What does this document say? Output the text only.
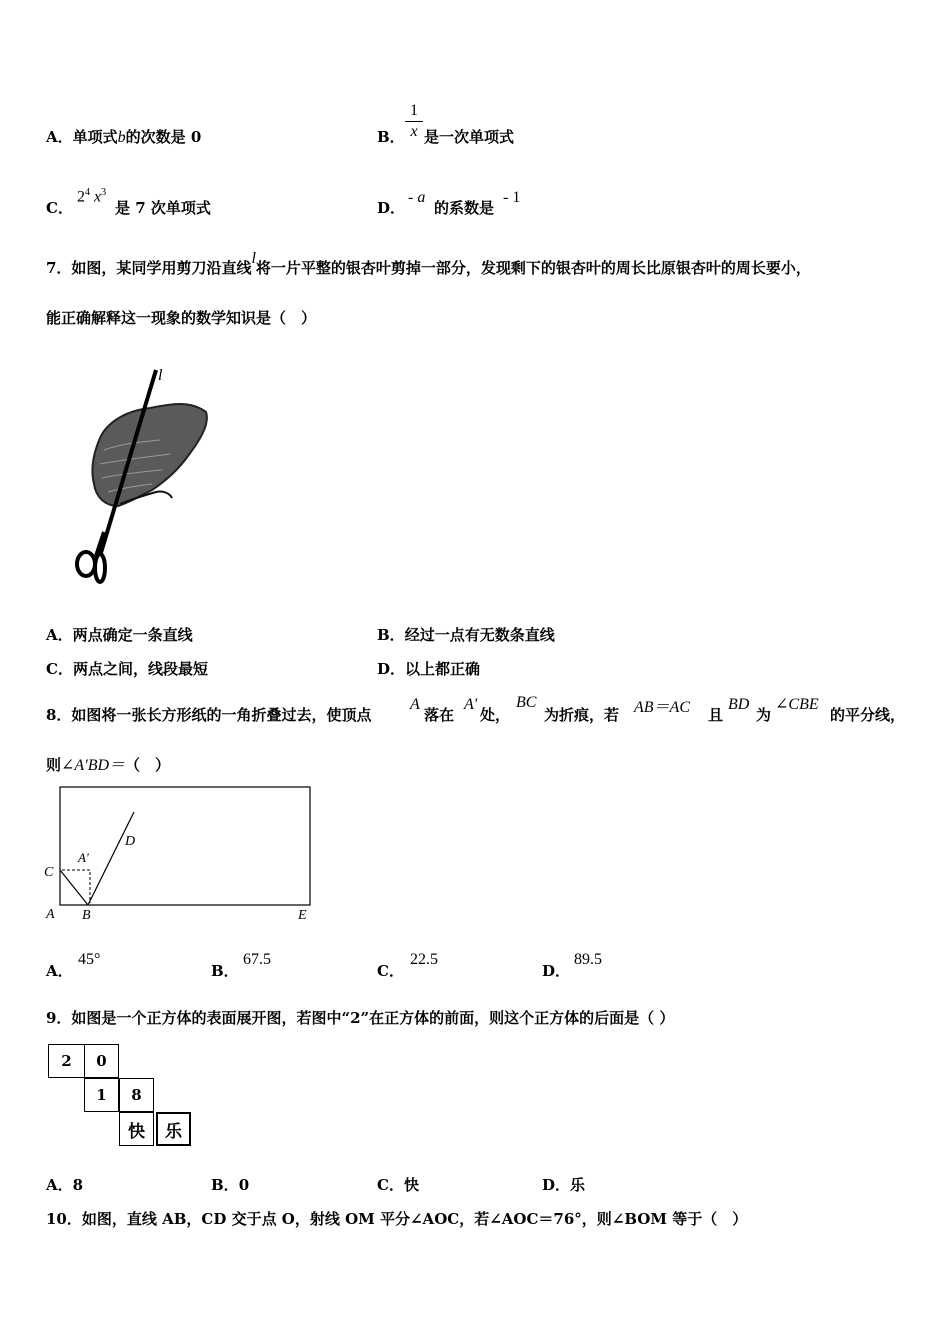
A．单项式b的次数是 0	B．
1
x 是一次单项式
C．
$2^4$ $x^3$
是 7 次单项式	D．
- a
的系数是
- 1
7．如图，某同学用剪刀沿直线l将一片平整的银杏叶剪掉一部分，发现剩下的银杏叶的周长比原银杏叶的周长要小，
能正确解释这一现象的数学知识是（　）
l
A．两点确定一条直线	B．经过一点有无数条直线
C．两点之间，线段最短	D．以上都正确
8．如图将一张长方形纸的一角折叠过去，使顶点
A
落在
A′
处，
BC
为折痕，若 AB＝AC 且
BD
为
∠CBE
的平分线，
则∠A′BD＝（　）
C
A′
D
A B	E
A．
45°
B．
67.5
C．
22.5
D．
89.5
9．如图是一个正方体的表面展开图，若图中“2”在正方体的前面，则这个正方体的后面是（ ）
2	0
1	8
快	乐
A．8	B．0	C．快	D．乐
10．如图，直线 AB，CD 交于点 O，射线 OM 平分∠AOC，若∠AOC＝76°，则∠BOM 等于（　）
